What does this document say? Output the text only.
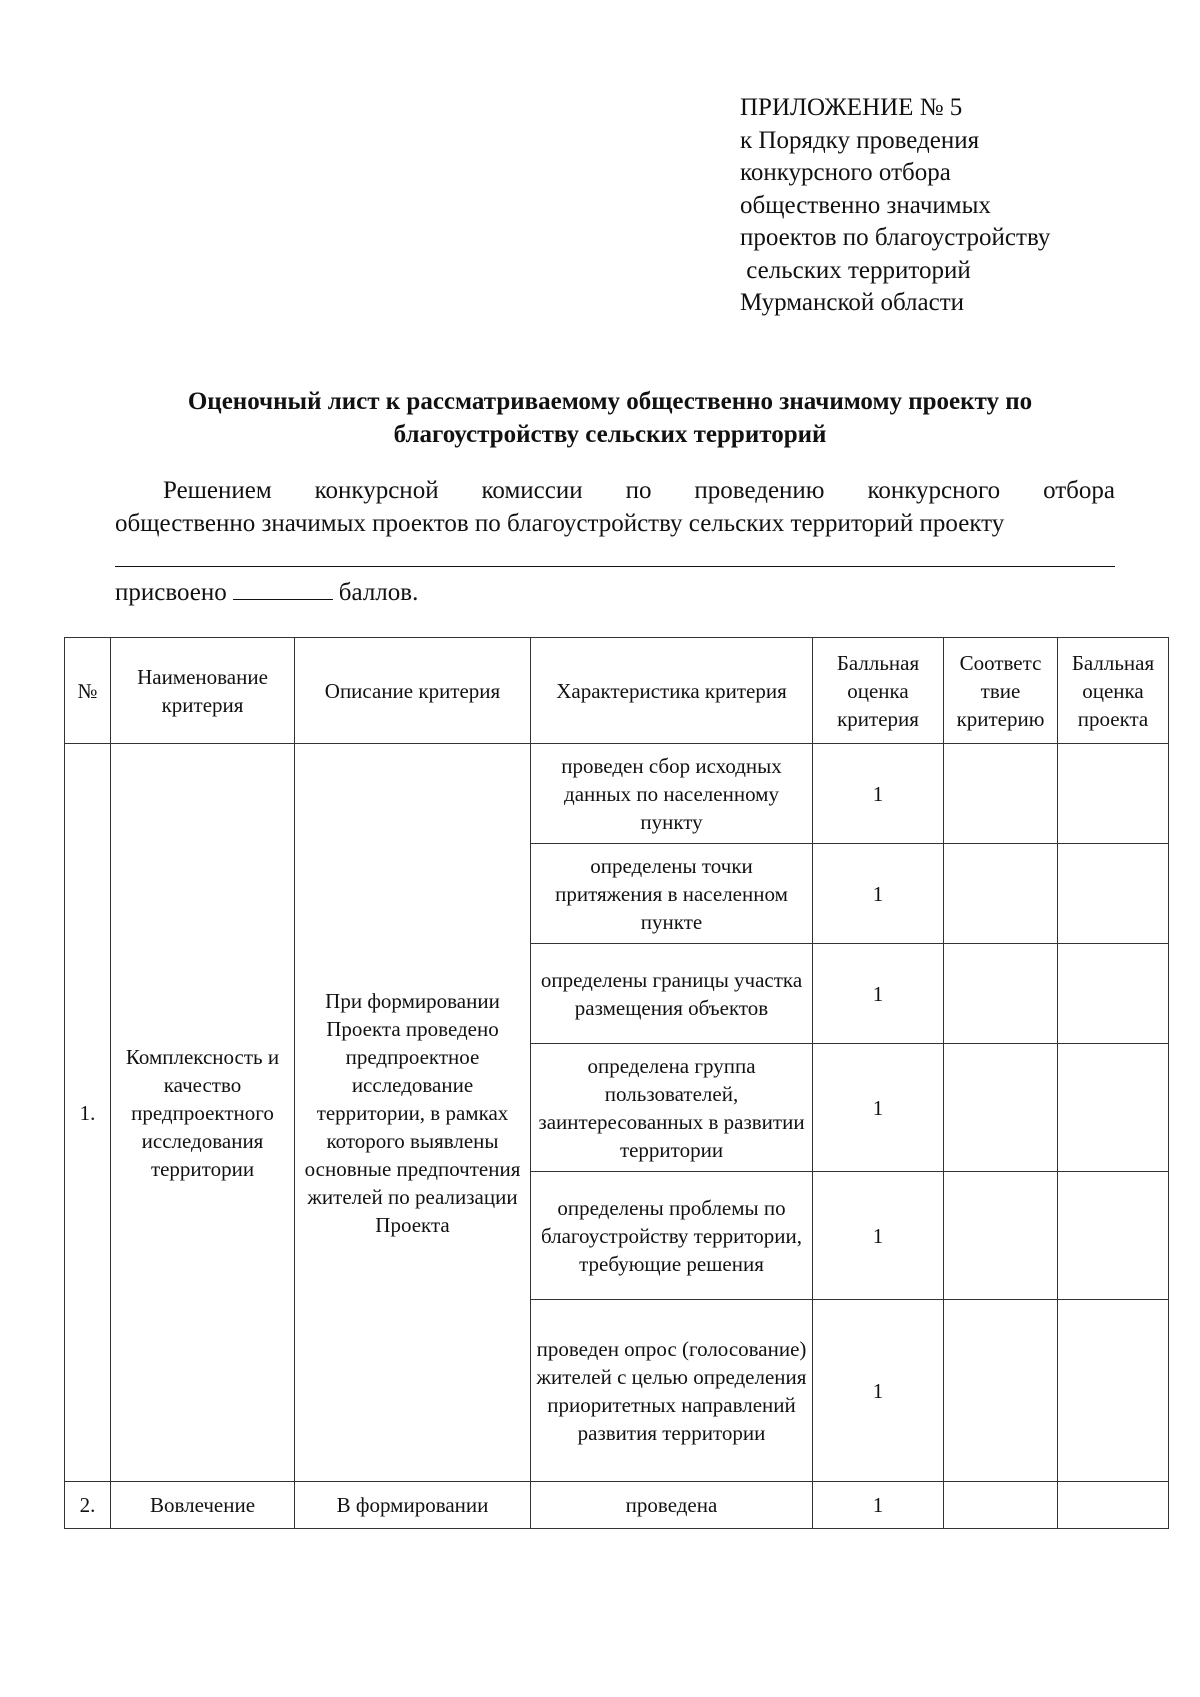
ПРИЛОЖЕНИЕ № 5
к Порядку проведения
конкурсного отбора
общественно значимых
проектов по благоустройству
сельских территорий
Мурманской области
Оценочный лист к рассматриваемому общественно значимому проекту по
благоустройству сельских территорий
Решением конкурсной комиссии по проведению конкурсного отбора
общественно значимых проектов по благоустройству сельских территорий проекту
присвоено	баллов.
№	Наименование критерия	Описание критерия	Характеристика критерия	Балльная оценка критерия	Соответс твие критерию	Балльная оценка проекта
1.	Комплексность и качество предпроектного исследования территории	При формировании Проекта проведено предпроектное исследование территории, в рамках которого выявлены основные предпочтения жителей по реализации Проекта	проведен сбор исходных данных по населенному пункту	1		
			определены точки притяжения в населенном пункте	1		
			определены границы участка размещения объектов	1		
			определена группа пользователей, заинтересованных в развитии территории	1		
			определены проблемы по благоустройству территории, требующие решения	1		
			проведен опрос (голосование) жителей с целью определения приоритетных направлений развития территории	1		
2.	Вовлечение	В формировании	проведена	1		
